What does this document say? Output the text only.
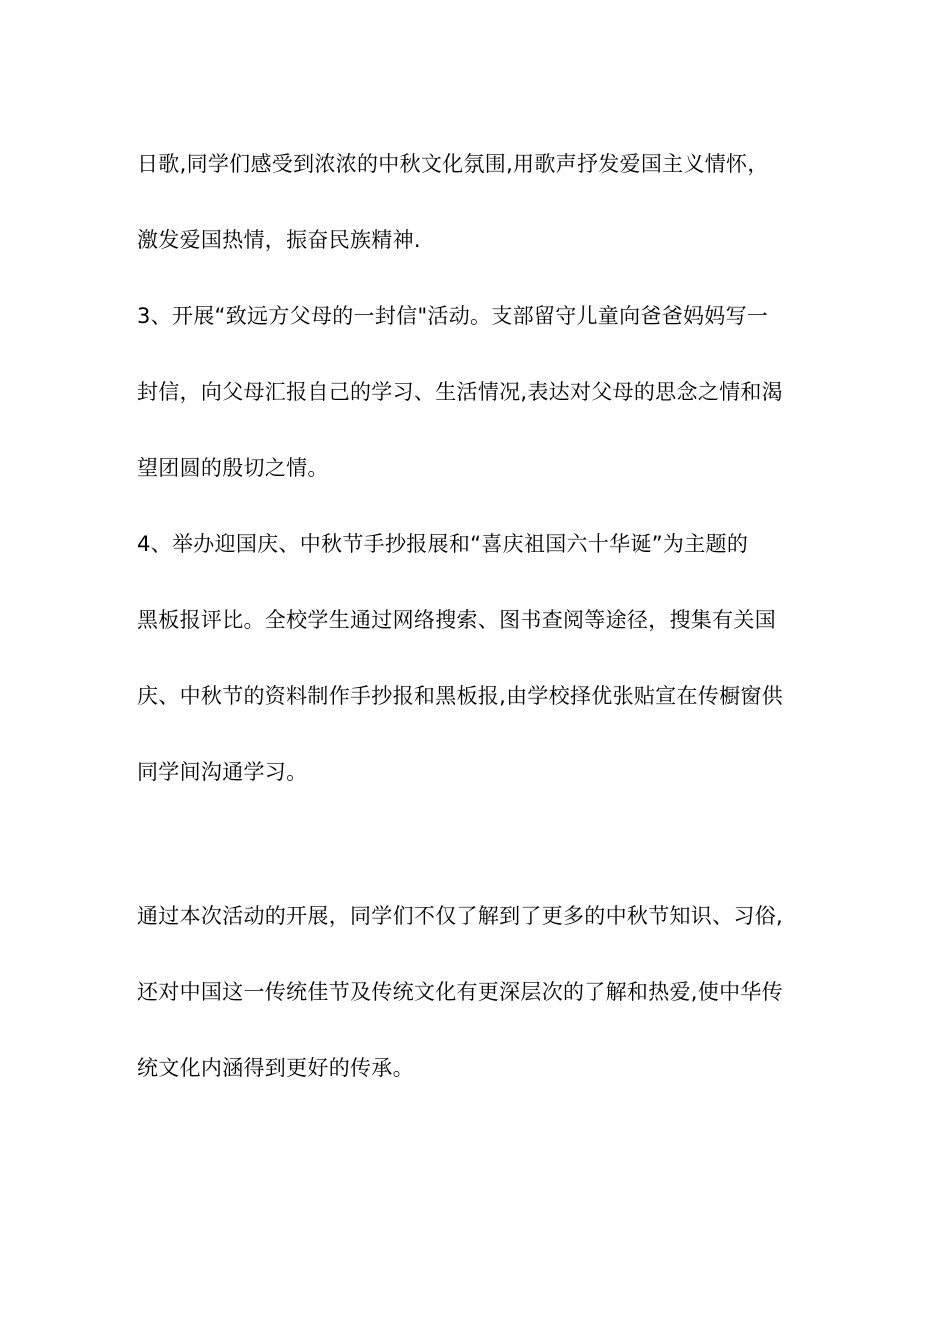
日歌,同学们感受到浓浓的中秋文化氛围,用歌声抒发爱国主义情怀，
激发爱国热情，振奋民族精神.
3、开展“致远方父母的一封信"活动。支部留守儿童向爸爸妈妈写一
封信，向父母汇报自己的学习、生活情况,表达对父母的思念之情和渴
望团圆的殷切之情。
4、举办迎国庆、中秋节手抄报展和“喜庆祖国六十华诞”为主题的
黑板报评比。全校学生通过网络搜索、图书查阅等途径，搜集有关国
庆、中秋节的资料制作手抄报和黑板报,由学校择优张贴宣在传橱窗供
同学间沟通学习。
通过本次活动的开展，同学们不仅了解到了更多的中秋节知识、习俗,
还对中国这一传统佳节及传统文化有更深层次的了解和热爱,使中华传
统文化内涵得到更好的传承。
